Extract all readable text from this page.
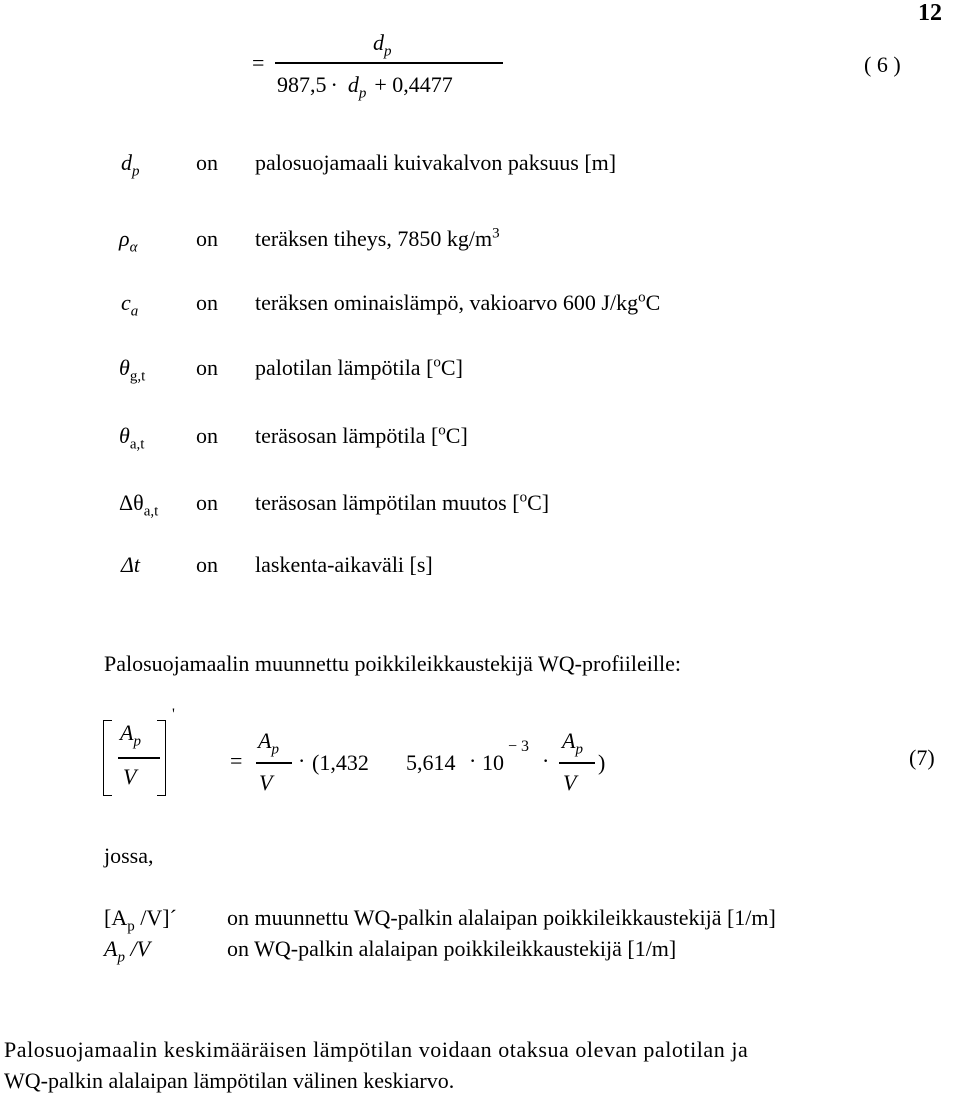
12
=
$d_p$
$987,5 \cdot d_p + 0,4477$
( 6 )
$d_p$	on palosuojamaali kuivakalvon paksuus [m]
$\rho_\alpha$	on teräksen tiheys, 7850 $kg/m^3$
$c_a$	on teräksen ominaislämpö, vakioarvo 600 $J/kg^oC$
$\theta_{g,t}$ on palotilan lämpötila [$^o$C]
$\theta_{a,t}$ on teräsosan lämpötila [$^o$C]
$\Delta\theta_{a,t}$ on teräsosan lämpötilan muutos [$^o$C]
Δt	on laskenta-aikaväli [s]
Palosuojamaalin muunnettu poikkileikkaustekijä WQ-profiileille:
$A_p$
V
'
=
$A_p$
V
· (1,432 5,614 · 10
− 3
·
$A_p$
V
)	(7)
jossa,
[$A_p$ /V]´ on muunnettu WQ-palkin alalaipan poikkileikkaustekijä [1/m]
$A_p$ /V	on WQ-palkin alalaipan poikkileikkaustekijä [1/m]
Palosuojamaalin keskimääräisen lämpötilan voidaan otaksua olevan palotilan ja
WQ-palkin alalaipan lämpötilan välinen keskiarvo.
